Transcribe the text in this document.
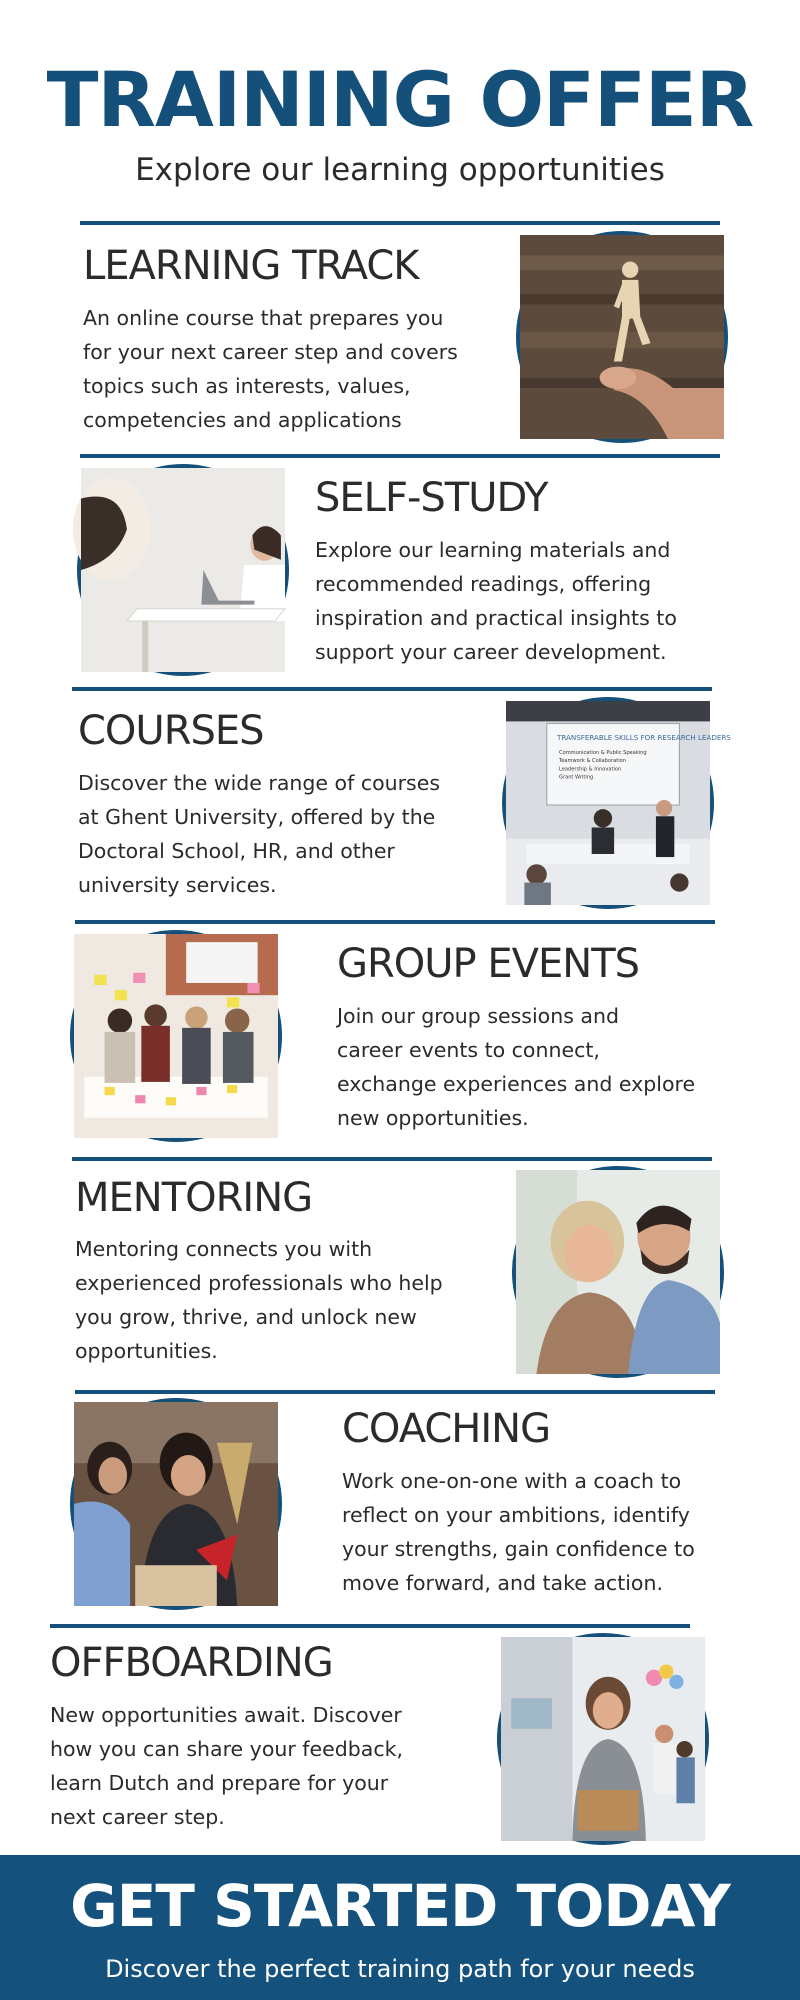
TRAINING OFFER
Explore our learning opportunities
LEARNING TRACK
An online course that prepares you
for your next career step and covers
topics such as interests, values,
competencies and applications
SELF-STUDY
Explore our learning materials and
recommended readings, offering
inspiration and practical insights to
support your career development.
COURSES
Discover the wide range of courses
at Ghent University, offered by the
Doctoral School, HR, and other
university services.
TRANSFERABLE SKILLS FOR RESEARCH LEADERS
Communication & Public Speaking
Teamwork & Collaboration
Leadership & Innovation
Grant Writing
GROUP EVENTS
Join our group sessions and
career events to connect,
exchange experiences and explore
new opportunities.
MENTORING
Mentoring connects you with
experienced professionals who help
you grow, thrive, and unlock new
opportunities.
COACHING
Work one-on-one with a coach to
reflect on your ambitions, identify
your strengths, gain confidence to
move forward, and take action.
OFFBOARDING
New opportunities await. Discover
how you can share your feedback,
learn Dutch and prepare for your
next career step.
GET STARTED TODAY
Discover the perfect training path for your needs
